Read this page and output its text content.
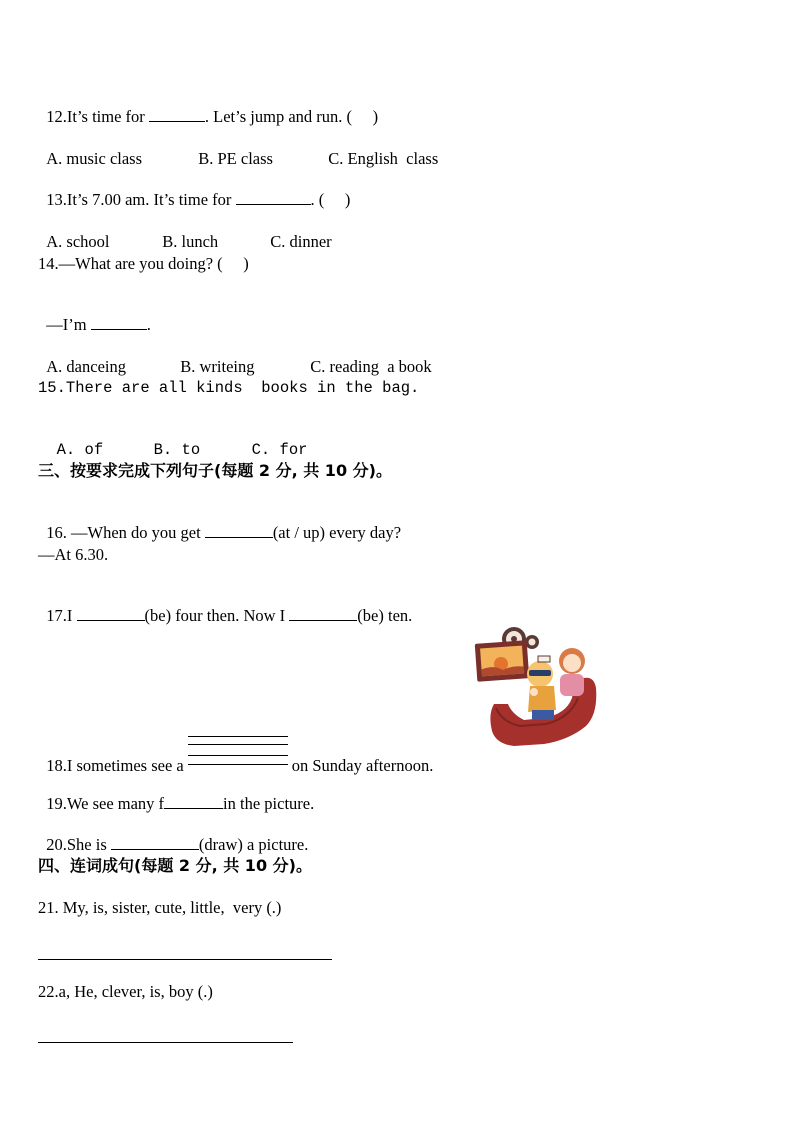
12.It’s time for	. Let’s jump and run. (     )

A. music class	B. PE class	C. English  class

13.It’s 7.00 am. It’s time for	. (     )

A. school	B. lunch	C. dinner

14.—What are you doing? (     )

—I’m	.

A. danceing	B. writeing	C. reading  a book

15.There are all kinds  books in the bag.

A. of	B. to	C. for

三、按要求完成下列句子(每题 2 分, 共 10 分)。

16. —When do you get	(at / up) every day?

—At 6.30.

17.I	(be) four then. Now I	(be) ten.

18.I sometimes see a	on Sunday afternoon.

19.We see many f	in the picture.

20.She is	(draw) a picture.

四、连词成句(每题 2 分, 共 10 分)。
21. My, is, sister, cute, little,  very (.)
22.a, He, clever, is, boy (.)
